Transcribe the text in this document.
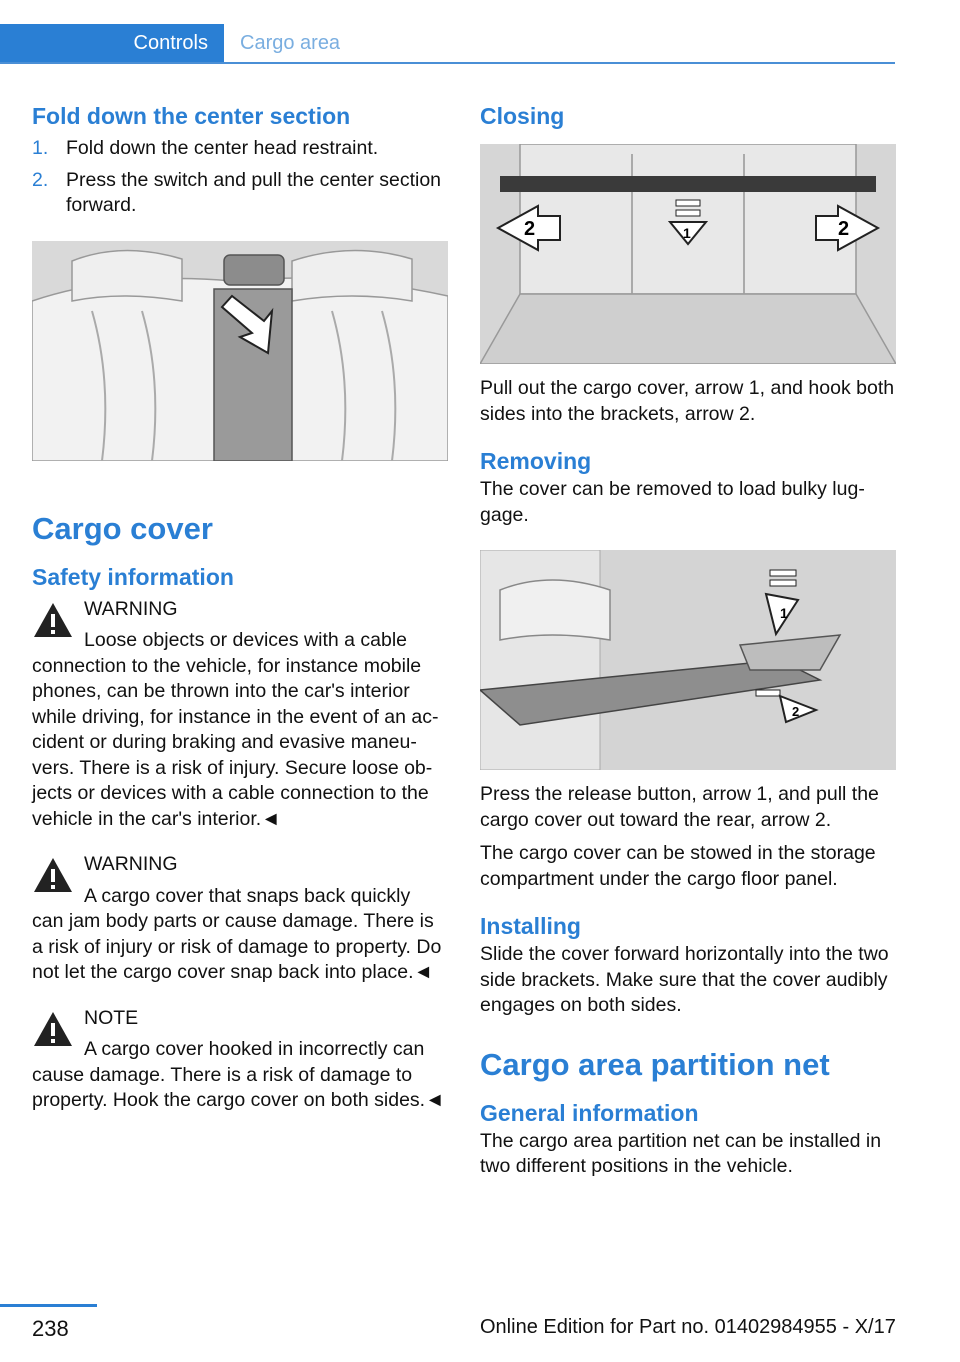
Controls Cargo area
Fold down the center section
1. Fold down the center head restraint.
2. Press the switch and pull the center section forward.
Cargo cover
Safety information

WARNING

Loose objects or devices with a cable

connection to the vehicle, for instance mobile phones, can be thrown into the car's interior while driving, for instance in the event of an accident or during braking and evasive maneuvers. There is a risk of injury. Secure loose objects or devices with a cable connection to the vehicle in the car's interior.◄

WARNING

A cargo cover that snaps back quickly

can jam body parts or cause damage. There is a risk of injury or risk of damage to property. Do not let the cargo cover snap back into place.◄

NOTE

A cargo cover hooked in incorrectly can

cause damage. There is a risk of damage to property. Hook the cargo cover on both sides.◄

Closing
1
2	2

Pull out the cargo cover, arrow 1, and hook both sides into the brackets, arrow 2.

Removing

The cover can be removed to load bulky luggage.

1
2

Press the release button, arrow 1, and pull the cargo cover out toward the rear, arrow 2.

The cargo cover can be stowed in the storage compartment under the cargo floor panel.

Installing

Slide the cover forward horizontally into the two side brackets. Make sure that the cover audibly engages on both sides.

Cargo area partition net
General information

The cargo area partition net can be installed in two different positions in the vehicle.

238	Online Edition for Part no. 01402984955 - X/17
